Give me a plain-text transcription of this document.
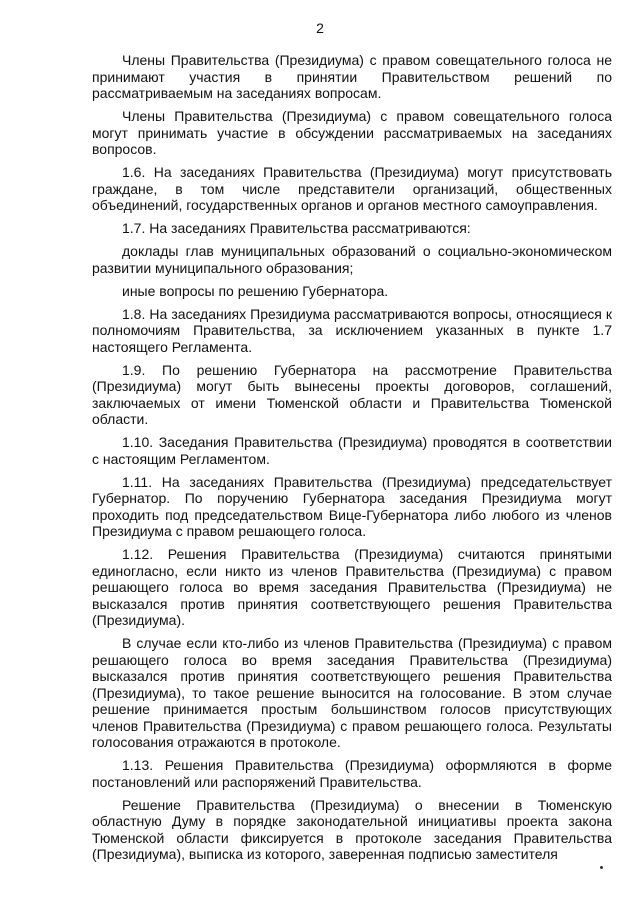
2

Члены Правительства (Президиума) с правом совещательного голоса не принимают участия в принятии Правительством решений по рассматриваемым на заседаниях вопросам.

Члены Правительства (Президиума) с правом совещательного голоса могут принимать участие в обсуждении рассматриваемых на заседаниях вопросов.

1.6. На заседаниях Правительства (Президиума) могут присутствовать граждане, в том числе представители организаций, общественных объединений, государственных органов и органов местного самоуправления.

1.7. На заседаниях Правительства рассматриваются:

доклады глав муниципальных образований о социально-экономическом развитии муниципального образования;

иные вопросы по решению Губернатора.

1.8. На заседаниях Президиума рассматриваются вопросы, относящиеся к полномочиям Правительства, за исключением указанных в пункте 1.7 настоящего Регламента.

1.9. По решению Губернатора на рассмотрение Правительства (Президиума) могут быть вынесены проекты договоров, соглашений, заключаемых от имени Тюменской области и Правительства Тюменской области.

1.10. Заседания Правительства (Президиума) проводятся в соответствии с настоящим Регламентом.

1.11. На заседаниях Правительства (Президиума) председательствует Губернатор. По поручению Губернатора заседания Президиума могут проходить под председательством Вице-Губернатора либо любого из членов Президиума с правом решающего голоса.

1.12. Решения Правительства (Президиума) считаются принятыми единогласно, если никто из членов Правительства (Президиума) с правом решающего голоса во время заседания Правительства (Президиума) не высказался против принятия соответствующего решения Правительства (Президиума).

В случае если кто-либо из членов Правительства (Президиума) с правом решающего голоса во время заседания Правительства (Президиума) высказался против принятия соответствующего решения Правительства (Президиума), то такое решение выносится на голосование. В этом случае решение принимается простым большинством голосов присутствующих членов Правительства (Президиума) с правом решающего голоса. Результаты голосования отражаются в протоколе.

1.13. Решения Правительства (Президиума) оформляются в форме постановлений или распоряжений Правительства.

Решение Правительства (Президиума) о внесении в Тюменскую областную Думу в порядке законодательной инициативы проекта закона Тюменской области фиксируется в протоколе заседания Правительства (Президиума), выписка из которого, заверенная подписью заместителя
